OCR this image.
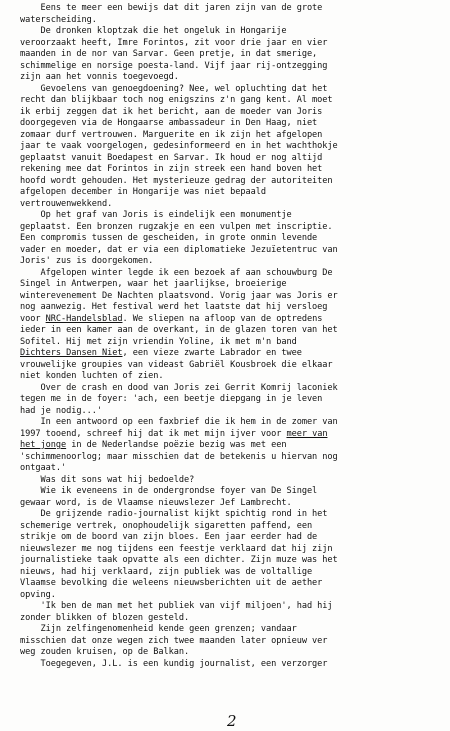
Eens te meer een bewijs dat dit jaren zijn van de grote
waterscheiding.
De dronken kloptzak die het ongeluk in Hongarije
veroorzaakt heeft, Imre Forintos, zit voor drie jaar en vier
maanden in de nor van Sarvar. Geen pretje, in dat smerige,
schimmelige en norsige poesta-land. Vijf jaar rij-ontzegging
zijn aan het vonnis toegevoegd.
Gevoelens van genoegdoening? Nee, wel opluchting dat het
recht dan blijkbaar toch nog enigszins z'n gang kent. Al moet
ik erbij zeggen dat ik het bericht, aan de moeder van Joris
doorgegeven via de Hongaarse ambassadeur in Den Haag, niet
zomaar durf vertrouwen. Marguerite en ik zijn het afgelopen
jaar te vaak voorgelogen, gedesinformeerd en in het wachthokje
geplaatst vanuit Boedapest en Sarvar. Ik houd er nog altijd
rekening mee dat Forintos in zijn streek een hand boven het
hoofd wordt gehouden. Het mysterieuze gedrag der autoriteiten
afgelopen december in Hongarije was niet bepaald
vertrouwenwekkend.
Op het graf van Joris is eindelijk een monumentje
geplaatst. Een bronzen rugzakje en een vulpen met inscriptie.
Een compromis tussen de gescheiden, in grote onmin levende
vader en moeder, dat er via een diplomatieke Jezuïetentruc van
Joris' zus is doorgekomen.
Afgelopen winter legde ik een bezoek af aan schouwburg De
Singel in Antwerpen, waar het jaarlijkse, broeierige
winterevenement De Nachten plaatsvond. Vorig jaar was Joris er
nog aanwezig. Het festival werd het laatste dat hij versloeg
voor NRC-Handelsblad. We sliepen na afloop van de optredens
ieder in een kamer aan de overkant, in de glazen toren van het
Sofitel. Hij met zijn vriendin Yoline, ik met m'n band
Dichters Dansen Niet, een vieze zwarte Labrador en twee
vrouwelijke groupies van videast Gabriël Kousbroek die elkaar
niet konden luchten of zien.
Over de crash en dood van Joris zei Gerrit Komrij laconiek
tegen me in de foyer: 'ach, een beetje diepgang in je leven
had je nodig...'
In een antwoord op een faxbrief die ik hem in de zomer van
1997 tooend, schreef hij dat ik met mijn ijver voor meer van
het jonge in de Nederlandse poëzie bezig was met een
'schimmenoorlog; maar misschien dat de betekenis u hiervan nog
ontgaat.'
Was dit sons wat hij bedoelde?
Wie ik eveneens in de ondergrondse foyer van De Singel
gewaar word, is de Vlaamse nieuwslezer Jef Lambrecht.
De grijzende radio-journalist kijkt spichtig rond in het
schemerige vertrek, onophoudelijk sigaretten paffend, een
strikje om de boord van zijn bloes. Een jaar eerder had de
nieuwslezer me nog tijdens een feestje verklaard dat hij zijn
journalistieke taak opvatte als een dichter. Zijn muze was het
nieuws, had hij verklaard, zijn publiek was de voltallige
Vlaamse bevolking die weleens nieuwsberichten uit de aether
opving.
'Ik ben de man met het publiek van vijf miljoen', had hij
zonder blikken of blozen gesteld.
Zijn zelfingenomenheid kende geen grenzen; vandaar
misschien dat onze wegen zich twee maanden later opnieuw ver
weg zouden kruisen, op de Balkan.
Toegegeven, J.L. is een kundig journalist, een verzorger
2
